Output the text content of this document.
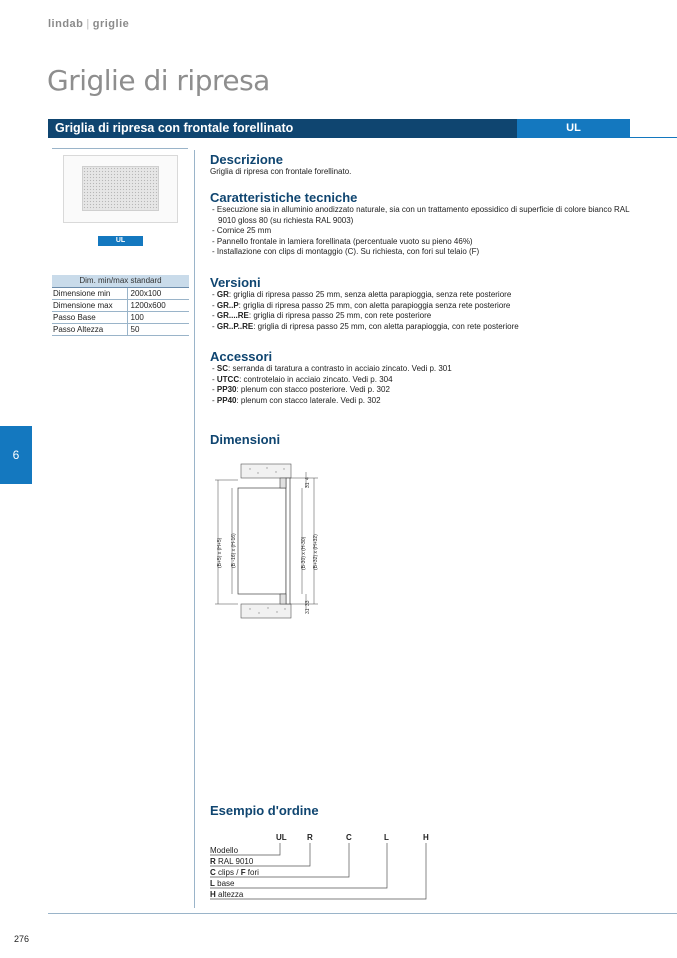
lindab | griglie
Griglie di ripresa
Griglia di ripresa con frontale forellinato	UL
UL
Dim. min/max standard	
Dimensione min	200x100
Dimensione max	1200x600
Passo Base	100
Passo Altezza	50
6
Descrizione
Griglia di ripresa con frontale forellinato.
Caratteristiche tecniche
- Esecuzione sia in alluminio anodizzato naturale, sia con un trattamento epossidico di superficie di colore bianco RAL 9010 gloss 80 (su richiesta RAL 9003)
- Cornice 25 mm
- Pannello frontale in lamiera forellinata (percentuale vuoto su pieno 46%)
- Installazione con clips di montaggio (C). Su richiesta, con fori sul telaio (F)
Versioni
- GR: griglia di ripresa passo 25 mm, senza aletta parapioggia, senza rete posteriore
- GR..P: griglia di ripresa passo 25 mm, con aletta parapioggia senza rete posteriore
- GR....RE: griglia di ripresa passo 25 mm, con rete posteriore
- GR..P..RE: griglia di ripresa passo 25 mm, con aletta parapioggia, con rete posteriore
Accessori
- SC: serranda di taratura a contrasto in acciaio zincato. Vedi p. 301
- UTCC: controtelaio in acciaio zincato. Vedi p. 304
- PP30: plenum con stacco posteriore. Vedi p. 302
- PP40: plenum con stacco laterale. Vedi p. 302
Dimensioni
(B+5) x (H+5) (B -16) x (H-16)	(B-30) x (H-30) (B+32) x (H+32)
31
4
31
33
Esempio d'ordine
UL	R	C	L	H
Modello
R RAL 9010
C clips / F fori
L base
H altezza
276
